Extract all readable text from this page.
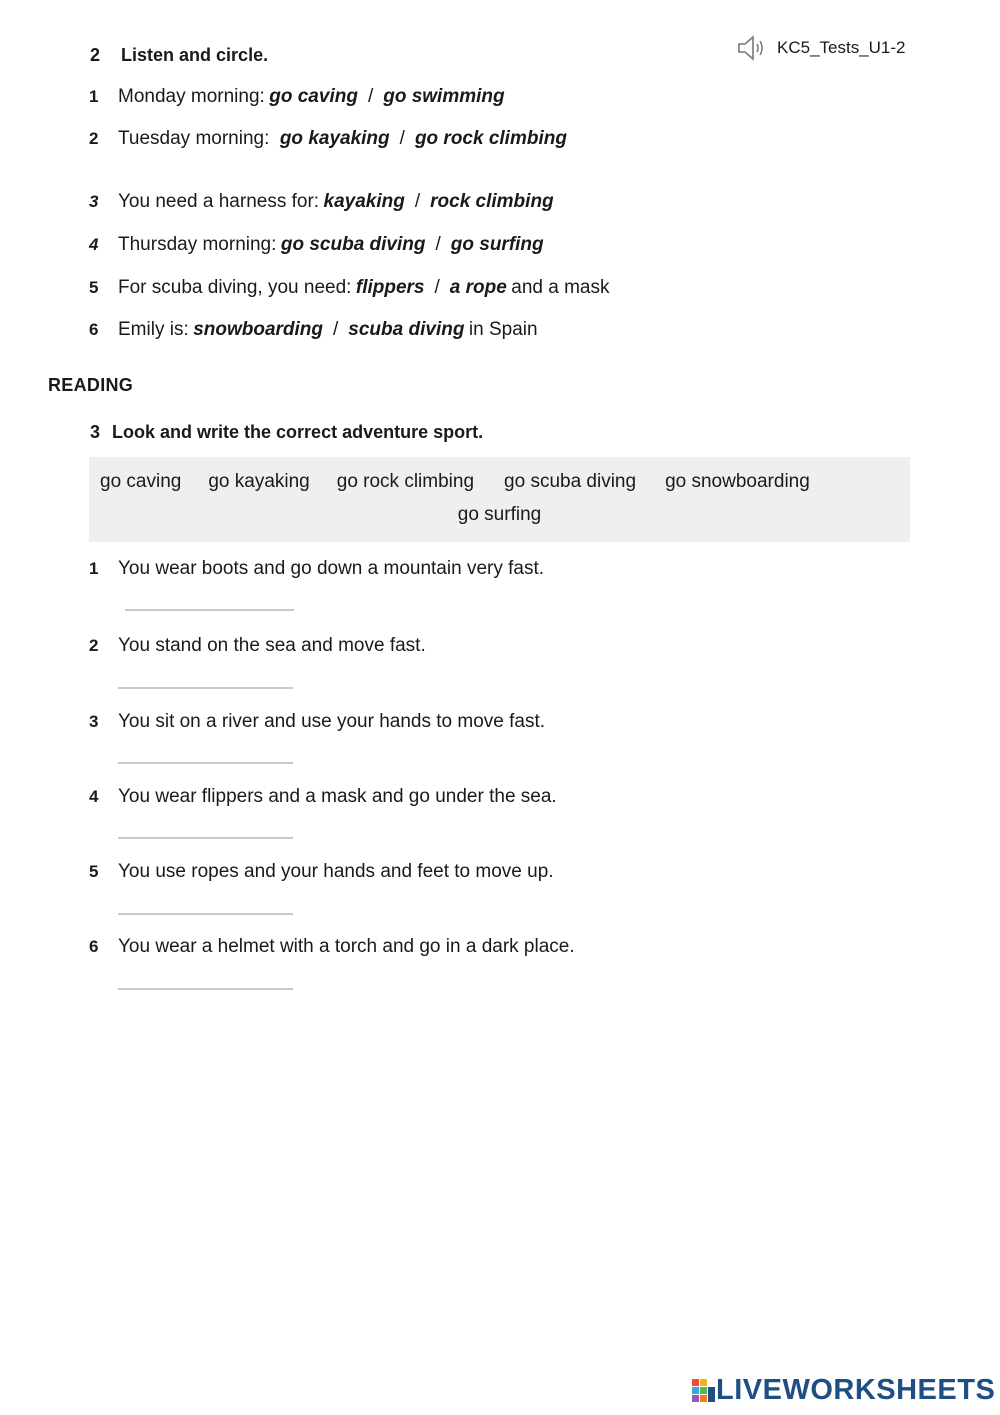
2 Listen and circle.	KC5_Tests_U1-2
1 Monday morning: go caving / go swimming
2 Tuesday morning: go kayaking / go rock climbing
3 You need a harness for: kayaking / rock climbing
4 Thursday morning: go scuba diving / go surfing
5 For scuba diving, you need: flippers / a rope and a mask
6 Emily is: snowboarding / scuba diving in Spain
READING
3 Look and write the correct adventure sport.
go caving go kayaking go rock climbing go scuba diving go snowboarding
go surfing
1 You wear boots and go down a mountain very fast.
2 You stand on the sea and move fast.
3 You sit on a river and use your hands to move fast.
4 You wear flippers and a mask and go under the sea.
5 You use ropes and your hands and feet to move up.
6 You wear a helmet with a torch and go in a dark place.
LIVEWORKSHEETS
